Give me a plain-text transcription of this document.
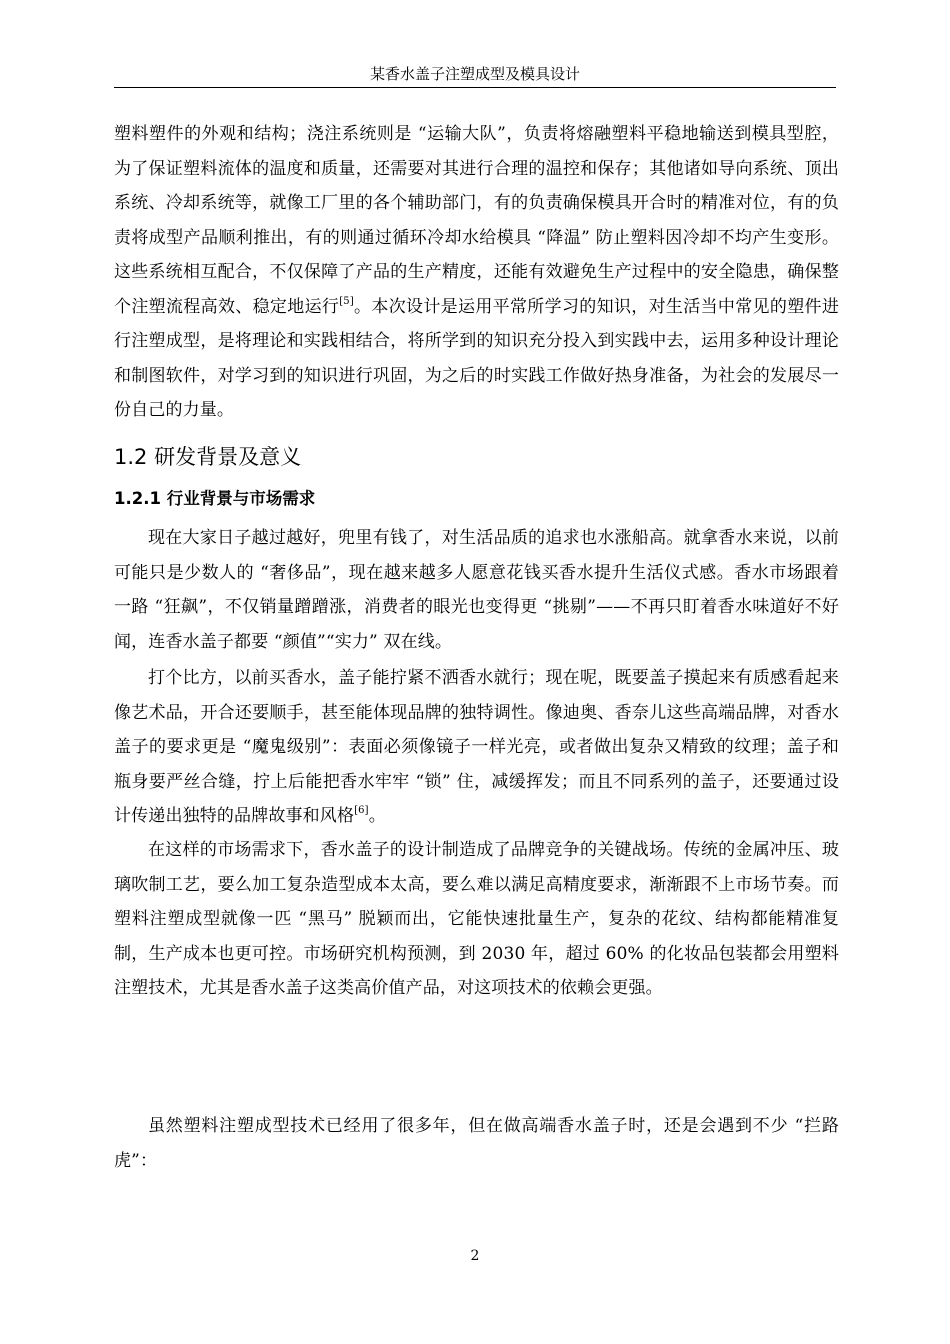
某香水盖子注塑成型及模具设计
塑料塑件的外观和结构；浇注系统则是 “运输大队”，负责将熔融塑料平稳地输送到模具型腔，为了保证塑料流体的温度和质量，还需要对其进行合理的温控和保存；其他诸如导向系统、顶出系统、冷却系统等，就像工厂里的各个辅助部门，有的负责确保模具开合时的精准对位，有的负责将成型产品顺利推出，有的则通过循环冷却水给模具 “降温” 防止塑料因冷却不均产生变形。这些系统相互配合，不仅保障了产品的生产精度，还能有效避免生产过程中的安全隐患，确保整个注塑流程高效、稳定地运行[5]。本次设计是运用平常所学习的知识，对生活当中常见的塑件进行注塑成型，是将理论和实践相结合，将所学到的知识充分投入到实践中去，运用多种设计理论和制图软件，对学习到的知识进行巩固，为之后的时实践工作做好热身准备，为社会的发展尽一份自己的力量。
1.2 研发背景及意义
1.2.1 行业背景与市场需求
现在大家日子越过越好，兜里有钱了，对生活品质的追求也水涨船高。就拿香水来说，以前可能只是少数人的 “奢侈品”，现在越来越多人愿意花钱买香水提升生活仪式感。香水市场跟着一路 “狂飙”，不仅销量蹭蹭涨，消费者的眼光也变得更 “挑剔”——不再只盯着香水味道好不好闻，连香水盖子都要 “颜值”“实力” 双在线。
打个比方，以前买香水，盖子能拧紧不洒香水就行；现在呢，既要盖子摸起来有质感看起来像艺术品，开合还要顺手，甚至能体现品牌的独特调性。像迪奥、香奈儿这些高端品牌，对香水盖子的要求更是 “魔鬼级别”：表面必须像镜子一样光亮，或者做出复杂又精致的纹理；盖子和瓶身要严丝合缝，拧上后能把香水牢牢 “锁” 住，减缓挥发；而且不同系列的盖子，还要通过设计传递出独特的品牌故事和风格[6]。
在这样的市场需求下，香水盖子的设计制造成了品牌竞争的关键战场。传统的金属冲压、玻璃吹制工艺，要么加工复杂造型成本太高，要么难以满足高精度要求，渐渐跟不上市场节奏。而塑料注塑成型就像一匹 “黑马” 脱颖而出，它能快速批量生产，复杂的花纹、结构都能精准复制，生产成本也更可控。市场研究机构预测，到 2030 年，超过 60% 的化妆品包装都会用塑料注塑技术，尤其是香水盖子这类高价值产品，对这项技术的依赖会更强。
虽然塑料注塑成型技术已经用了很多年，但在做高端香水盖子时，还是会遇到不少 “拦路虎”：
2
